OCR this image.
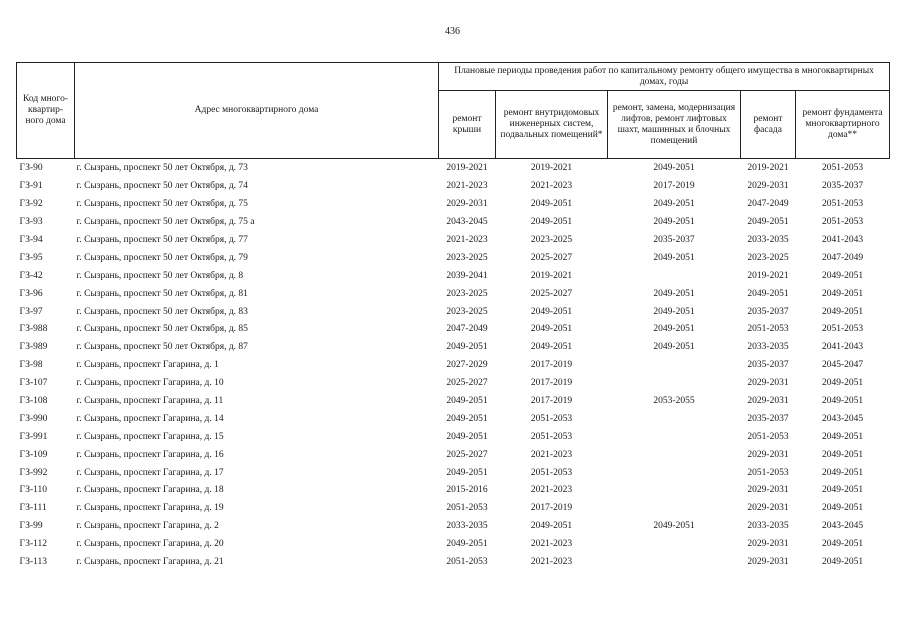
436
Код много-квартир-ного дома	Адрес многоквартирного дома	Плановые периоды проведения работ по капитальному ремонту общего имущества в многоквартирных домах, годы				
		ремонт крыши	ремонт внутридомовых инженерных систем, подвальных помещений*	ремонт, замена, модернизация лифтов, ремонт лифтовых шахт, машинных и блочных помещений	ремонт фасада	ремонт фундамента многоквартирного дома**
ГЗ-90	г. Сызрань, проспект 50 лет Октября, д. 73	2019-2021	2019-2021	2049-2051	2019-2021	2051-2053
ГЗ-91	г. Сызрань, проспект 50 лет Октября, д. 74	2021-2023	2021-2023	2017-2019	2029-2031	2035-2037
ГЗ-92	г. Сызрань, проспект 50 лет Октября, д. 75	2029-2031	2049-2051	2049-2051	2047-2049	2051-2053
ГЗ-93	г. Сызрань, проспект 50 лет Октября, д. 75 а	2043-2045	2049-2051	2049-2051	2049-2051	2051-2053
ГЗ-94	г. Сызрань, проспект 50 лет Октября, д. 77	2021-2023	2023-2025	2035-2037	2033-2035	2041-2043
ГЗ-95	г. Сызрань, проспект 50 лет Октября, д. 79	2023-2025	2025-2027	2049-2051	2023-2025	2047-2049
ГЗ-42	г. Сызрань, проспект 50 лет Октября, д. 8	2039-2041	2019-2021		2019-2021	2049-2051
ГЗ-96	г. Сызрань, проспект 50 лет Октября, д. 81	2023-2025	2025-2027	2049-2051	2049-2051	2049-2051
ГЗ-97	г. Сызрань, проспект 50 лет Октября, д. 83	2023-2025	2049-2051	2049-2051	2035-2037	2049-2051
ГЗ-988	г. Сызрань, проспект 50 лет Октября, д. 85	2047-2049	2049-2051	2049-2051	2051-2053	2051-2053
ГЗ-989	г. Сызрань, проспект 50 лет Октября, д. 87	2049-2051	2049-2051	2049-2051	2033-2035	2041-2043
ГЗ-98	г. Сызрань, проспект Гагарина, д. 1	2027-2029	2017-2019		2035-2037	2045-2047
ГЗ-107	г. Сызрань, проспект Гагарина, д. 10	2025-2027	2017-2019		2029-2031	2049-2051
ГЗ-108	г. Сызрань, проспект Гагарина, д. 11	2049-2051	2017-2019	2053-2055	2029-2031	2049-2051
ГЗ-990	г. Сызрань, проспект Гагарина, д. 14	2049-2051	2051-2053		2035-2037	2043-2045
ГЗ-991	г. Сызрань, проспект Гагарина, д. 15	2049-2051	2051-2053		2051-2053	2049-2051
ГЗ-109	г. Сызрань, проспект Гагарина, д. 16	2025-2027	2021-2023		2029-2031	2049-2051
ГЗ-992	г. Сызрань, проспект Гагарина, д. 17	2049-2051	2051-2053		2051-2053	2049-2051
ГЗ-110	г. Сызрань, проспект Гагарина, д. 18	2015-2016	2021-2023		2029-2031	2049-2051
ГЗ-111	г. Сызрань, проспект Гагарина, д. 19	2051-2053	2017-2019		2029-2031	2049-2051
ГЗ-99	г. Сызрань, проспект Гагарина, д. 2	2033-2035	2049-2051	2049-2051	2033-2035	2043-2045
ГЗ-112	г. Сызрань, проспект Гагарина, д. 20	2049-2051	2021-2023		2029-2031	2049-2051
ГЗ-113	г. Сызрань, проспект Гагарина, д. 21	2051-2053	2021-2023		2029-2031	2049-2051
